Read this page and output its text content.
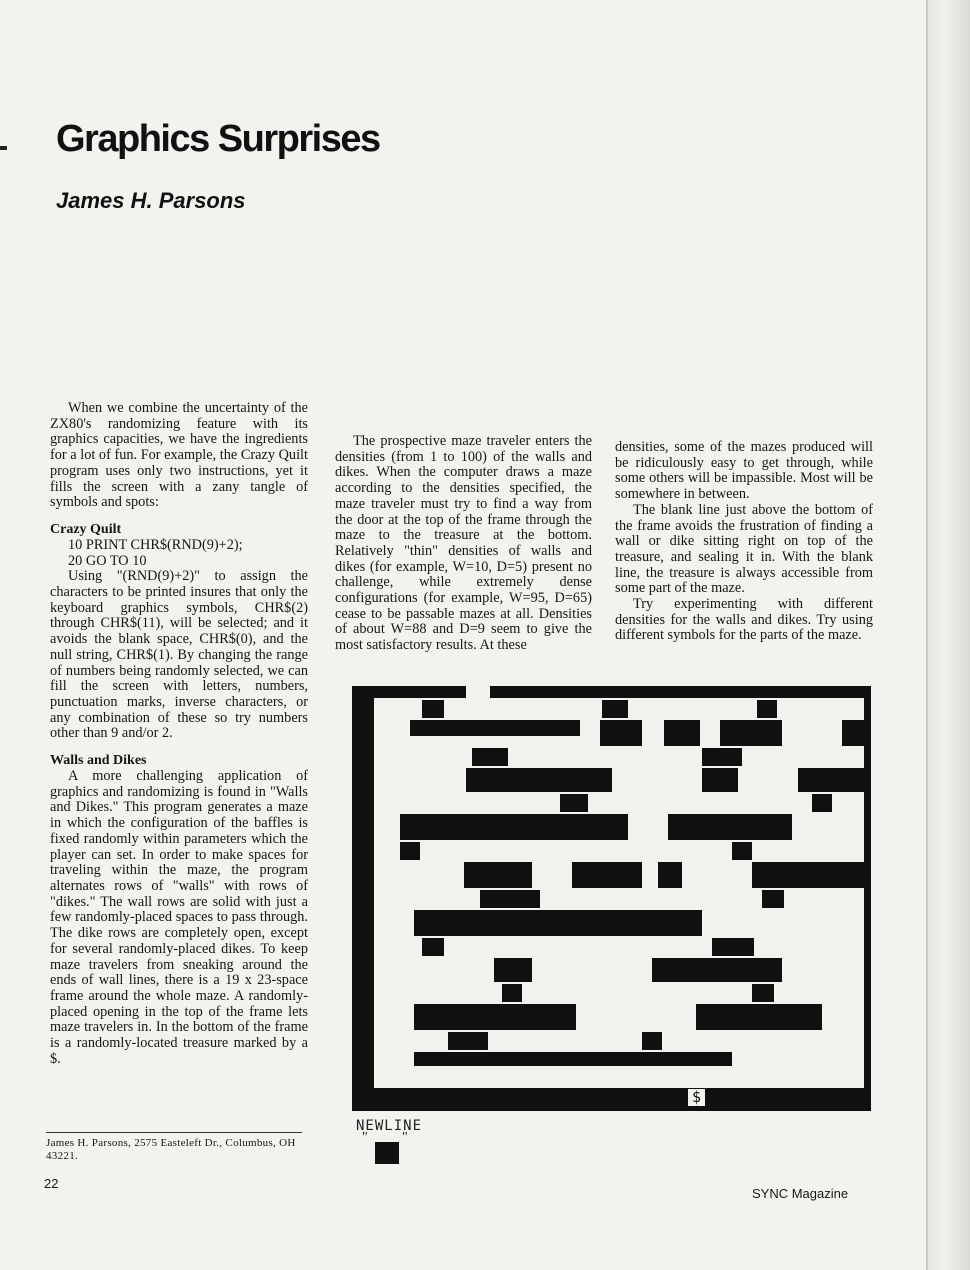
Graphics Surprises
James H. Parsons

When we combine the uncertainty of the ZX80's randomizing feature with its graphics capacities, we have the ingredients for a lot of fun. For example, the Crazy Quilt program uses only two instructions, yet it fills the screen with a zany tangle of symbols and spots:

Crazy Quilt
10 PRINT CHR$(RND(9)+2);
20 GO TO 10

Using "(RND(9)+2)" to assign the characters to be printed insures that only the keyboard graphics symbols, CHR$(2) through CHR$(11), will be selected; and it avoids the blank space, CHR$(0), and the null string, CHR$(1). By changing the range of numbers being randomly selected, we can fill the screen with letters, numbers, punctuation marks, inverse characters, or any combination of these so try numbers other than 9 and/or 2.

Walls and Dikes

A more challenging application of graphics and randomizing is found in "Walls and Dikes." This program generates a maze in which the configuration of the baffles is fixed randomly within parameters which the player can set. In order to make spaces for traveling within the maze, the program alternates rows of "walls" with rows of "dikes." The wall rows are solid with just a few randomly-placed spaces to pass through. The dike rows are completely open, except for several randomly-placed dikes. To keep maze travelers from sneaking around the ends of wall lines, there is a 19 x 23-space frame around the whole maze. A randomly-placed opening in the top of the frame lets maze travelers in. In the bottom of the frame is a randomly-located treasure marked by a $.

The prospective maze traveler enters the densities (from 1 to 100) of the walls and dikes. When the computer draws a maze according to the densities specified, the maze traveler must try to find a way from the door at the top of the frame through the maze to the treasure at the bottom. Relatively "thin" densities of walls and dikes (for example, W=10, D=5) present no challenge, while extremely dense configurations (for example, W=95, D=65) cease to be passable mazes at all. Densities of about W=88 and D=9 seem to give the most satisfactory results. At these

densities, some of the mazes produced will be ridiculously easy to get through, while some others will be impassible. Most will be somewhere in between.

The blank line just above the bottom of the frame avoids the frustration of finding a wall or dike sitting right on top of the treasure, and sealing it in. With the blank line, the treasure is always accessible from some part of the maze.

Try experimenting with different densities for the walls and dikes. Try using different symbols for the parts of the maze.

$

NEWLINE

" "

James H. Parsons, 2575 Easteleft Dr., Columbus, OH 43221.

22

SYNC Magazine
